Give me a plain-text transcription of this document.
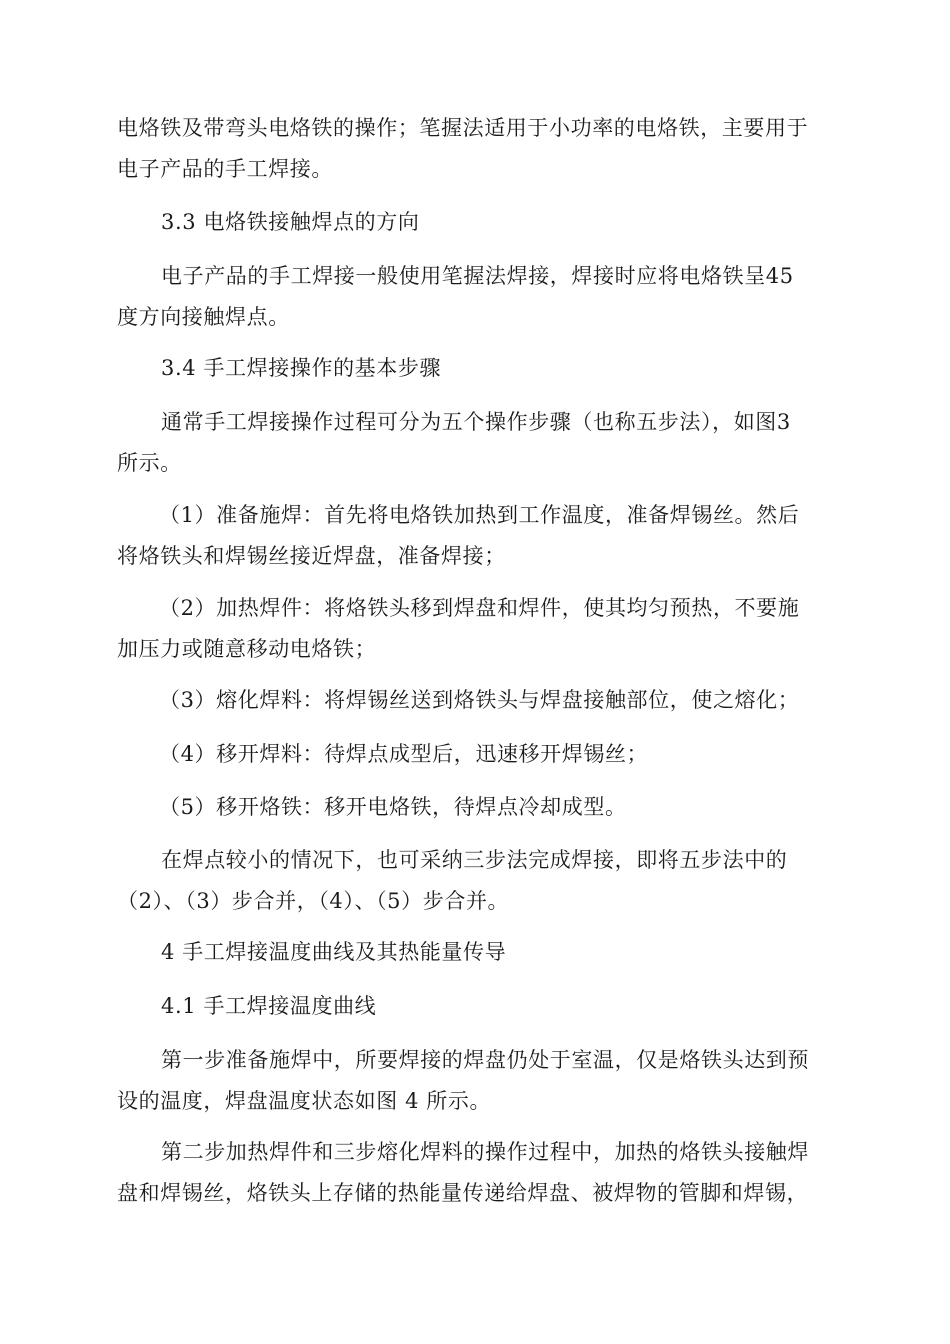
电烙铁及带弯头电烙铁的操作；笔握法适用于小功率的电烙铁，主要用于
电子产品的手工焊接。
3.3 电烙铁接触焊点的方向
电子产品的手工焊接一般使用笔握法焊接，焊接时应将电烙铁呈45
度方向接触焊点。
3.4 手工焊接操作的基本步骤
通常手工焊接操作过程可分为五个操作步骤（也称五步法），如图3
所示。
（1）准备施焊：首先将电烙铁加热到工作温度，准备焊锡丝。然后
将烙铁头和焊锡丝接近焊盘，准备焊接；
（2）加热焊件：将烙铁头移到焊盘和焊件，使其均匀预热，不要施
加压力或随意移动电烙铁；
（3）熔化焊料：将焊锡丝送到烙铁头与焊盘接触部位，使之熔化；
（4）移开焊料：待焊点成型后，迅速移开焊锡丝；
（5）移开烙铁：移开电烙铁，待焊点冷却成型。
在焊点较小的情况下，也可采纳三步法完成焊接，即将五步法中的
（2）、（3）步合并，（4）、（5）步合并。
4 手工焊接温度曲线及其热能量传导
4.1 手工焊接温度曲线
第一步准备施焊中，所要焊接的焊盘仍处于室温，仅是烙铁头达到预
设的温度，焊盘温度状态如图 4 所示。
第二步加热焊件和三步熔化焊料的操作过程中，加热的烙铁头接触焊
盘和焊锡丝，烙铁头上存储的热能量传递给焊盘、被焊物的管脚和焊锡，
